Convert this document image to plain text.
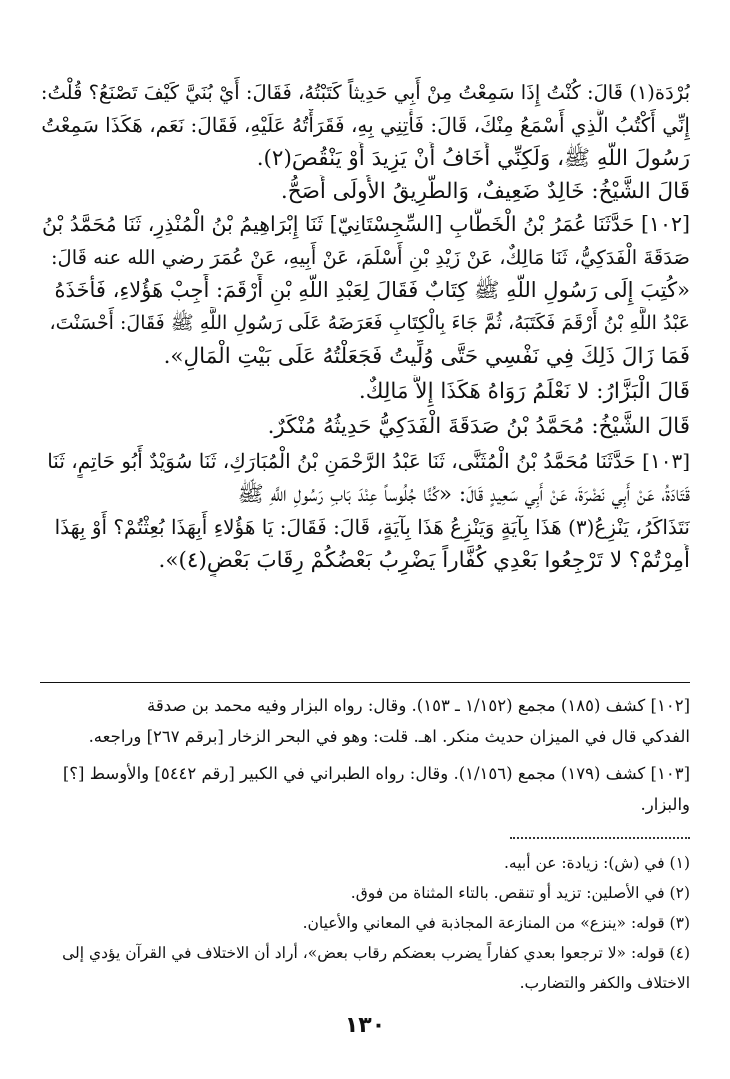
بُرْدَة(١) قَالَ: كُنْتُ إِذَا سَمِعْتُ مِنْ أَبِي حَدِيثاً كَتَبْتُهُ، فَقَالَ: أَيْ بُنَيَّ كَيْفَ تَصْنَعُ؟ قُلْتُ:
إِنِّي أَكْتُبُ الَّذِي أَسْمَعُ مِنْكَ، قَالَ: فَأْتِنِي بِهِ، فَقَرَأْتُهُ عَلَيْهِ، فَقَالَ: نَعَم، هَكَذَا سَمِعْتُ
رَسُولَ اللَّهِ ﷺ، وَلَكِنِّي أَخَافُ أَنْ يَزِيدَ أَوْ يَنْقُصَ(٢).
قَالَ الشَّيْخُ: خَالِدٌ ضَعِيفٌ، وَالطَّرِيقُ الأُولَى أَصَحُّ.
[١٠٢] حَدَّثَنَا عُمَرُ بْنُ الْخَطَّابِ [السِّجِسْتَانِيّ] ثَنَا إِبْرَاهِيمُ بْنُ الْمُنْذِرِ، ثَنَا مُحَمَّدُ بْنُ
صَدَقَةَ الْفَدَكِيُّ، ثَنَا مَالِكٌ، عَنْ زَيْدِ بْنِ أَسْلَمَ، عَنْ أَبِيهِ، عَنْ عُمَرَ رضي الله عنه قَالَ:
«كُتِبَ إِلَى رَسُولِ اللَّهِ ﷺ كِتَابٌ فَقَالَ لِعَبْدِ اللَّهِ بْنِ أَرْقَمَ: أَجِبْ هَؤُلاءِ، فَأَخَذَهُ
عَبْدُ اللَّهِ بْنُ أَرْقَمَ فَكَتَبَهُ، ثُمَّ جَاءَ بِالْكِتَابِ فَعَرَضَهُ عَلَى رَسُولِ اللَّهِ ﷺ فَقَالَ: أَحْسَنْتَ،
فَمَا زَالَ ذَلِكَ فِي نَفْسِي حَتَّى وُلِّيتُ فَجَعَلْتُهُ عَلَى بَيْتِ الْمَالِ».
قَالَ الْبَزَّارُ: لا نَعْلَمُ رَوَاهُ هَكَذَا إِلاَّ مَالِكٌ.
قَالَ الشَّيْخُ: مُحَمَّدُ بْنُ صَدَقَةَ الْفَدَكِيُّ حَدِيثُهُ مُنْكَرٌ.
[١٠٣] حَدَّثَنَا مُحَمَّدُ بْنُ الْمُثَنَّى، ثَنَا عَبْدُ الرَّحْمَنِ بْنُ الْمُبَارَكِ، ثَنَا سُوَيْدٌ أَبُو حَاتِمٍ، ثَنَا
قَتَادَةُ، عَنْ أَبِي نَضْرَةَ، عَنْ أَبِي سَعِيدٍ قَالَ: «كُنَّا جُلُوساً عِنْدَ بَابِ رَسُولِ اللَّهِ ﷺ
نَتَذَاكَرُ، يَنْزِعُ(٣) هَذَا بِآيَةٍ وَيَنْزِعُ هَذَا بِآيَةٍ، قَالَ: فَقَالَ: يَا هَؤُلاءِ أَبِهَذَا بُعِثْتُمْ؟ أَوْ بِهَذَا
أُمِرْتُمْ؟ لا تَرْجِعُوا بَعْدِي كُفَّاراً يَضْرِبُ بَعْضُكُمْ رِقَابَ بَعْضٍ(٤)».
[١٠٢] كشف (١٨٥) مجمع (١/١٥٢ ـ ١٥٣). وقال: رواه البزار وفيه محمد بن صدقة
الفدكي قال في الميزان حديث منكر. اهـ. قلت: وهو في البحر الزخار [برقم ٢٦٧] وراجعه.
[١٠٣] كشف (١٧٩) مجمع (١/١٥٦). وقال: رواه الطبراني في الكبير [رقم ٥٤٤٢] والأوسط [؟]
والبزار.
(١) في (ش): زيادة: عن أبيه.
(٢) في الأصلين: تزيد أو تنقص. بالتاء المثناة من فوق.
(٣) قوله: «ينزع» من المنازعة المجاذبة في المعاني والأعيان.
(٤) قوله: «لا ترجعوا بعدي كفاراً يضرب بعضكم رقاب بعض»، أراد أن الاختلاف في القرآن يؤدي إلى
الاختلاف والكفر والتضارب.
١٣٠
